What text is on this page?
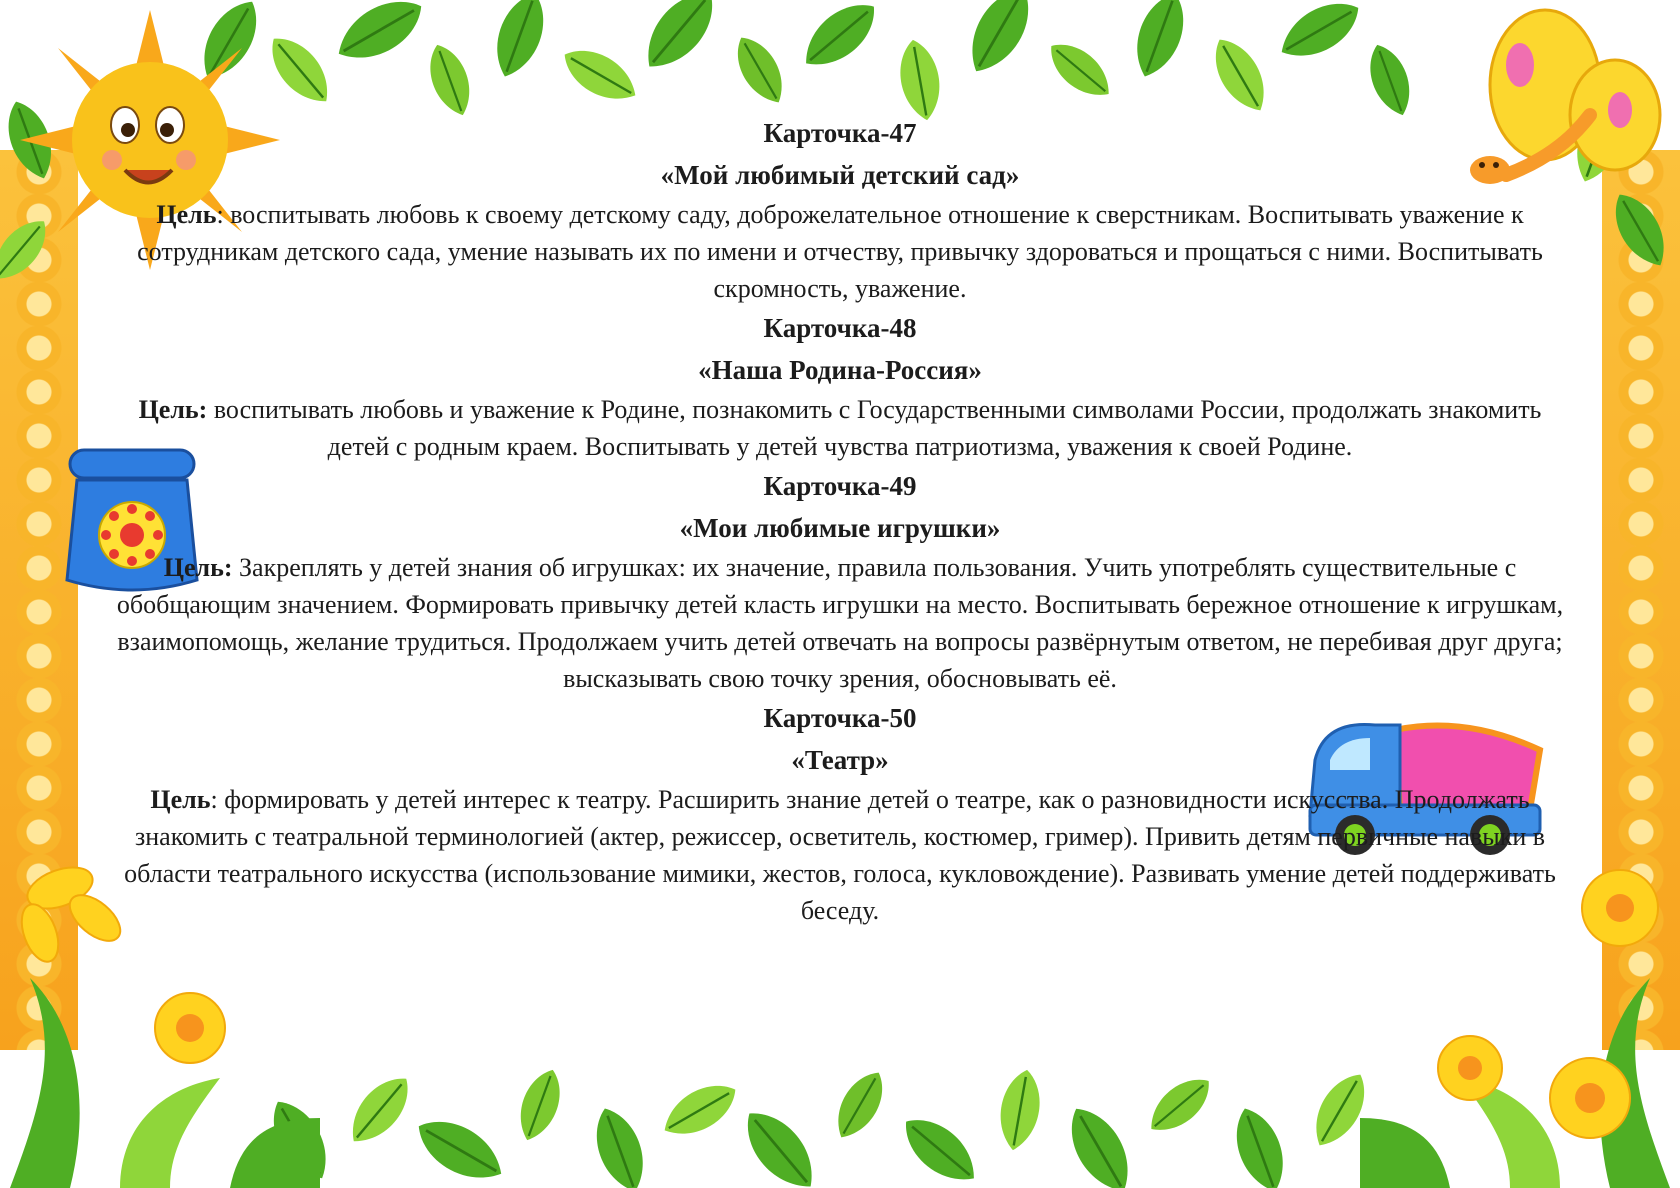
Карточка-47
«Мой любимый детский сад»

Цель: воспитывать любовь к своему детскому саду, доброжелательное отношение к сверстникам. Воспитывать уважение к сотрудникам детского сада, умение называть их по имени и отчеству, привычку здороваться и прощаться с ними. Воспитывать скромность, уважение.

Карточка-48
«Наша Родина-Россия»

Цель: воспитывать любовь и уважение к Родине, познакомить с Государственными символами России, продолжать знакомить детей с родным краем. Воспитывать у детей чувства патриотизма, уважения к своей Родине.

Карточка-49
«Мои любимые игрушки»

Цель: Закреплять у детей знания об игрушках: их значение, правила пользования. Учить употреблять существительные с обобщающим значением. Формировать привычку детей класть игрушки на место. Воспитывать бережное отношение к игрушкам, взаимопомощь, желание трудиться. Продолжаем учить детей отвечать на вопросы развёрнутым ответом, не перебивая друг друга; высказывать свою точку зрения, обосновывать её.

Карточка-50
«Театр»

Цель: формировать у детей интерес к театру. Расширить знание детей о театре, как о разновидности искусства. Продолжать знакомить с театральной терминологией (актер, режиссер, осветитель, костюмер, гример). Привить детям первичные навыки в области театрального искусства (использование мимики, жестов, голоса, кукловождение). Развивать умение детей поддерживать беседу.
